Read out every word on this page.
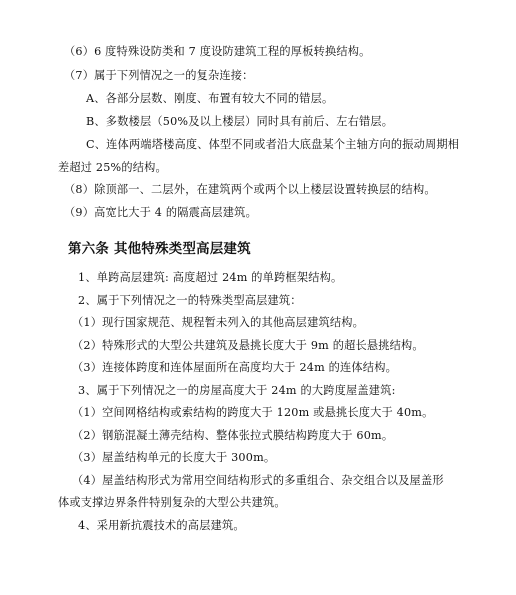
（6）6 度特殊设防类和 7 度设防建筑工程的厚板转换结构。
（7）属于下列情况之一的复杂连接：
A、各部分层数、刚度、布置有较大不同的错层。
B、多数楼层（50%及以上楼层）同时具有前后、左右错层。
C、连体两端塔楼高度、体型不同或者沿大底盘某个主轴方向的振动周期相
差超过 25%的结构。
（8）除顶部一、二层外，在建筑两个或两个以上楼层设置转换层的结构。
（9）高宽比大于 4 的隔震高层建筑。
第六条 其他特殊类型高层建筑
1、单跨高层建筑: 高度超过 24m 的单跨框架结构。
2、属于下列情况之一的特殊类型高层建筑：
（1）现行国家规范、规程暂未列入的其他高层建筑结构。
（2）特殊形式的大型公共建筑及悬挑长度大于 9m 的超长悬挑结构。
（3）连接体跨度和连体屋面所在高度均大于 24m 的连体结构。
3、属于下列情况之一的房屋高度大于 24m 的大跨度屋盖建筑:
（1）空间网格结构或索结构的跨度大于 120m 或悬挑长度大于 40m。
（2）钢筋混凝土薄壳结构、整体张拉式膜结构跨度大于 60m。
（3）屋盖结构单元的长度大于 300m。
（4）屋盖结构形式为常用空间结构形式的多重组合、杂交组合以及屋盖形
体或支撑边界条件特别复杂的大型公共建筑。
4、采用新抗震技术的高层建筑。
